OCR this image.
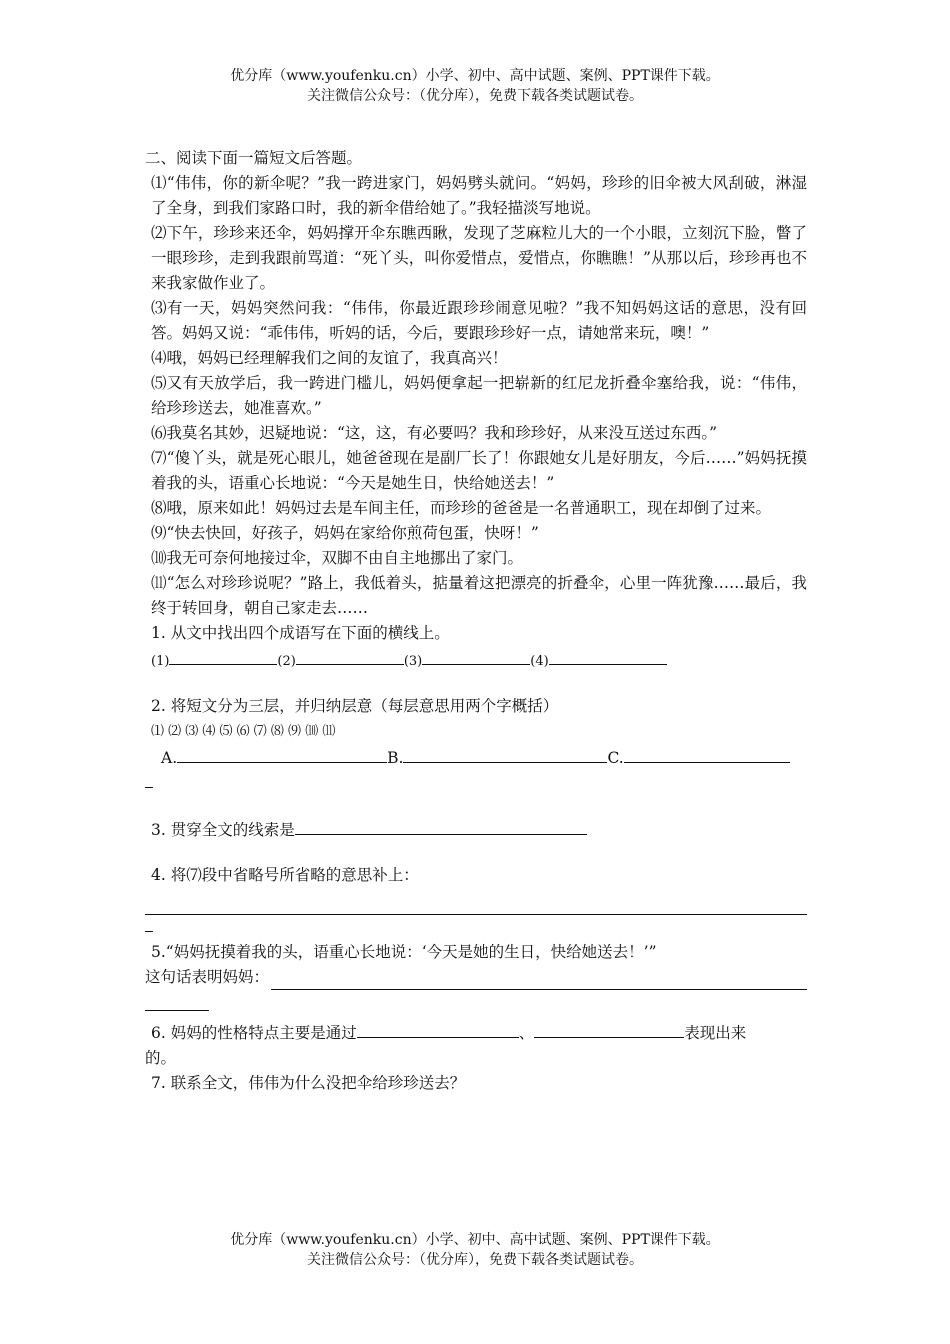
优分库（www.youfenku.cn）小学、初中、高中试题、案例、PPT课件下载。
关注微信公众号：（优分库），免费下载各类试题试卷。

二、阅读下面一篇短文后答题。

⑴“伟伟，你的新伞呢？”我一跨进家门，妈妈劈头就问。“妈妈，珍珍的旧伞被大风刮破，淋湿了全身，到我们家路口时，我的新伞借给她了。”我轻描淡写地说。

⑵下午，珍珍来还伞，妈妈撑开伞东瞧西瞅，发现了芝麻粒儿大的一个小眼，立刻沉下脸，瞥了一眼珍珍，走到我跟前骂道：“死丫头，叫你爱惜点，爱惜点，你瞧瞧！”从那以后，珍珍再也不来我家做作业了。

⑶有一天，妈妈突然问我：“伟伟，你最近跟珍珍闹意见啦？”我不知妈妈这话的意思，没有回答。妈妈又说：“乖伟伟，听妈的话，今后，要跟珍珍好一点，请她常来玩，噢！”

⑷哦，妈妈已经理解我们之间的友谊了，我真高兴！

⑸又有天放学后，我一跨进门槛儿，妈妈便拿起一把崭新的红尼龙折叠伞塞给我，说：“伟伟，给珍珍送去，她准喜欢。”

⑹我莫名其妙，迟疑地说：“这，这，有必要吗？我和珍珍好，从来没互送过东西。”

⑺“傻丫头，就是死心眼儿，她爸爸现在是副厂长了！你跟她女儿是好朋友，今后……”妈妈抚摸着我的头，语重心长地说：“今天是她生日，快给她送去！”

⑻哦，原来如此！妈妈过去是车间主任，而珍珍的爸爸是一名普通职工，现在却倒了过来。

⑼“快去快回，好孩子，妈妈在家给你煎荷包蛋，快呀！”

⑽我无可奈何地接过伞，双脚不由自主地挪出了家门。

⑾“怎么对珍珍说呢？”路上，我低着头，掂量着这把漂亮的折叠伞，心里一阵犹豫……最后，我终于转回身，朝自己家走去……

1. 从文中找出四个成语写在下面的横线上。

(1)	(2)	(3)	(4)

2. 将短文分为三层，并归纳层意（每层意思用两个字概括）

⑴ ⑵ ⑶ ⑷ ⑸ ⑹ ⑺ ⑻ ⑼ ⑽ ⑾

A.	B.	C.

3. 贯穿全文的线索是

4. 将⑺段中省略号所省略的意思补上：

5.“妈妈抚摸着我的头，语重心长地说：‘今天是她的生日，快给她送去！’”

这句话表明妈妈：

6. 妈妈的性格特点主要是通过	、	表现出来

的。

7. 联系全文，伟伟为什么没把伞给珍珍送去？

优分库（www.youfenku.cn）小学、初中、高中试题、案例、PPT课件下载。
关注微信公众号：（优分库），免费下载各类试题试卷。
